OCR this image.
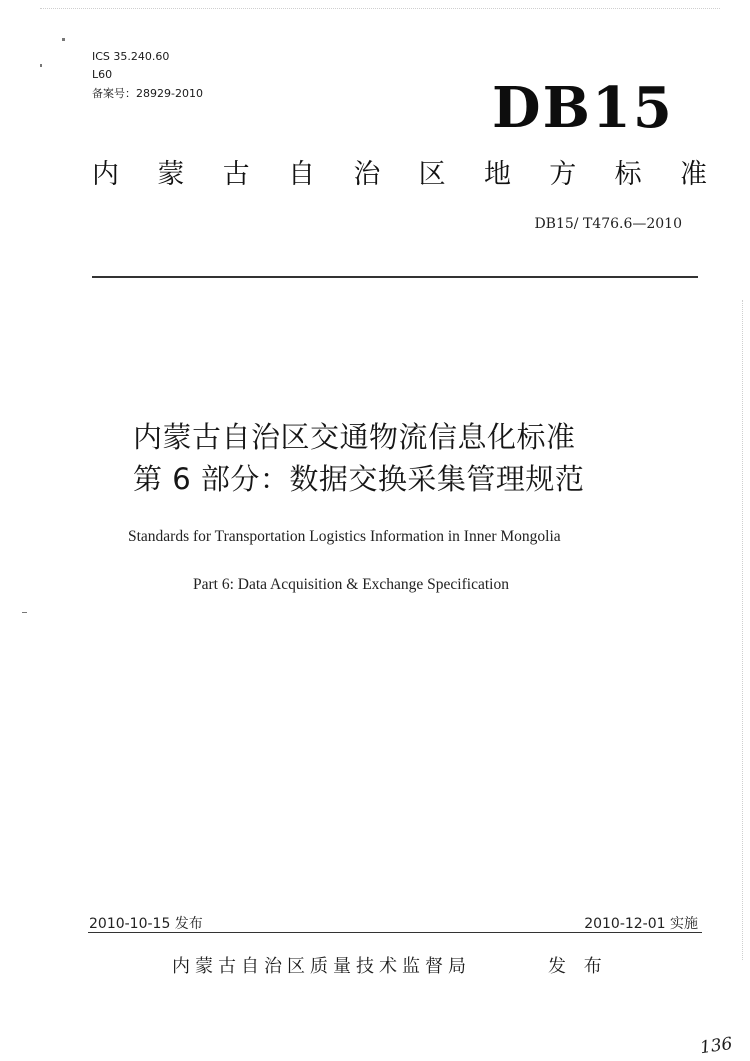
ICS 35.240.60
L60
备案号：28929-2010	DB15
内 蒙 古 自 治 区 地 方 标 准
DB15/ T476.6—2010
内蒙古自治区交通物流信息化标准
第 6 部分：数据交换采集管理规范
Standards for Transportation Logistics Information in Inner Mongolia
Part 6: Data Acquisition & Exchange Specification
2010-10-15 发布	2010-12-01 实施
内蒙古自治区质量技术监督局	发 布
136
